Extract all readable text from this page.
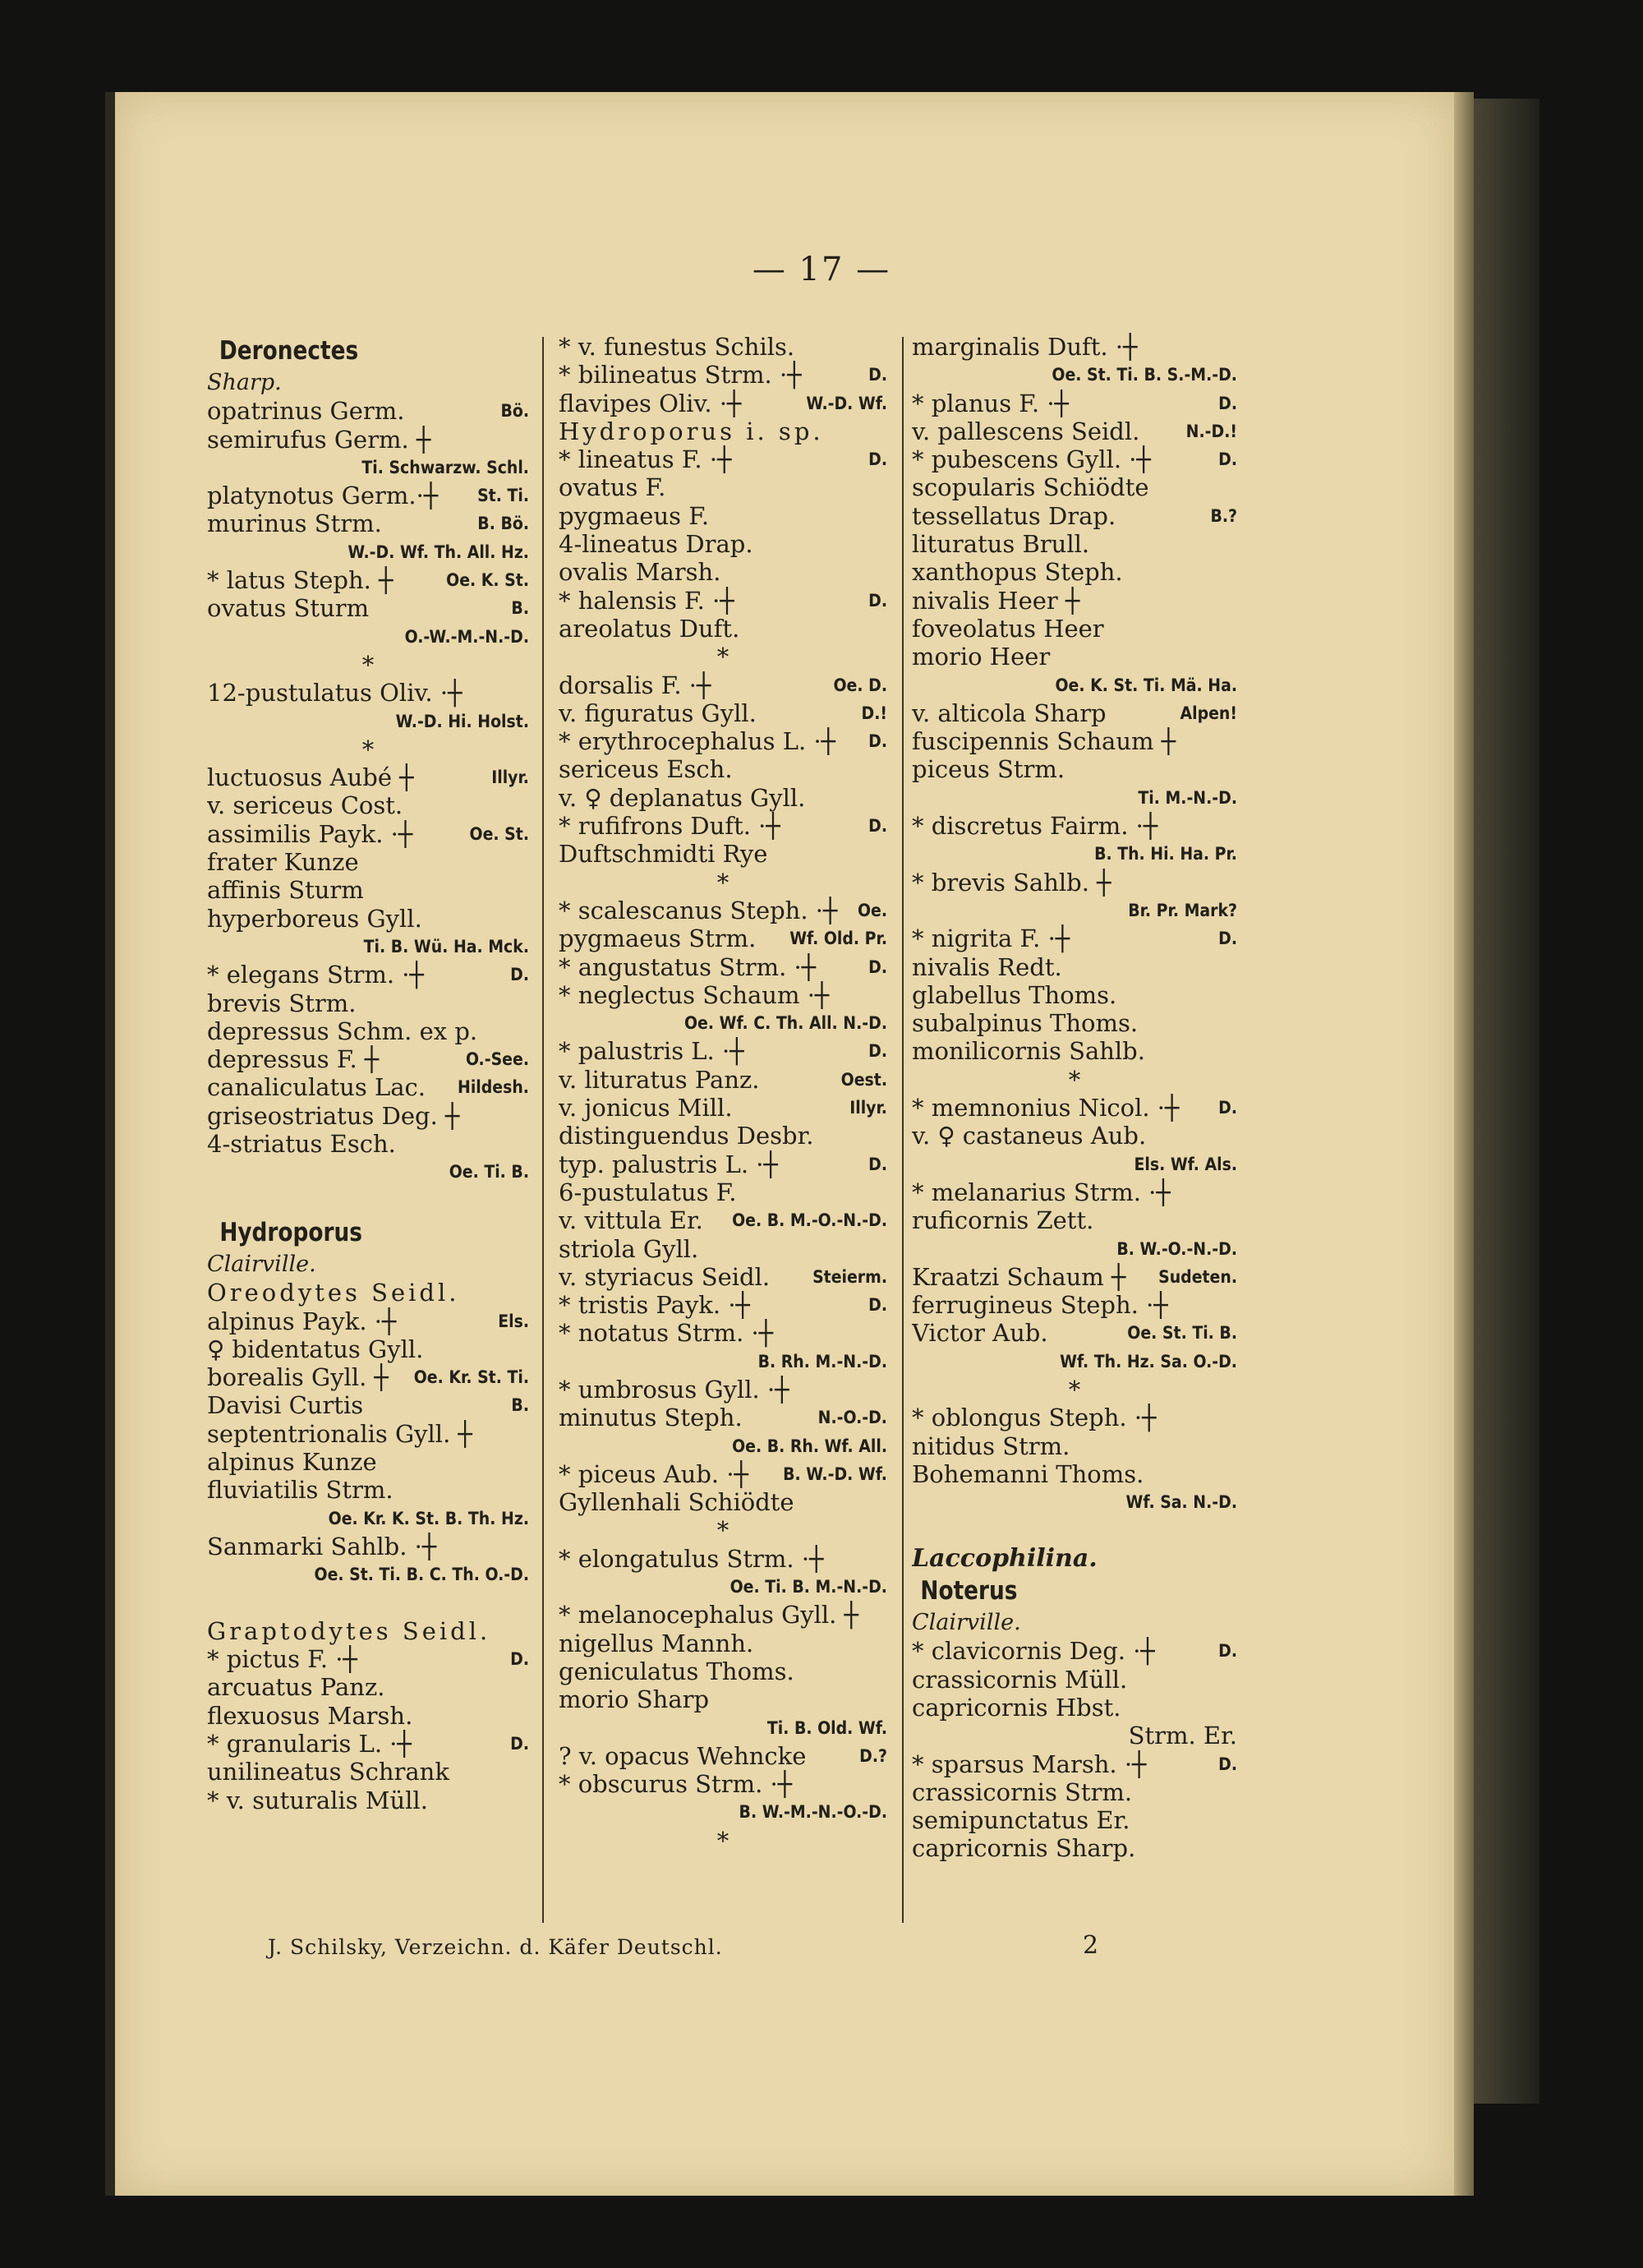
— 17 —
Deronectes
Sharp.
opatrinus Germ.	Bö.
semirufus Germ. ┼
Ti. Schwarzw. Schl.
platynotus Germ.·┼ St. Ti.
murinus Strm.	B. Bö.
W.-D. Wf. Th. All. Hz.
* latus Steph. ┼	Oe. K. St.
ovatus Sturm	B.
O.-W.-M.-N.-D.
*
12-pustulatus Oliv. ·┼
W.-D. Hi. Holst.
*
luctuosus Aubé ┼	Illyr.
v. sericeus Cost.
assimilis Payk. ·┼	Oe. St.
frater Kunze
affinis Sturm
hyperboreus Gyll.
Ti. B. Wü. Ha. Mck.
* elegans Strm. ·┼	D.
brevis Strm.
depressus Schm. ex p.
depressus F. ┼	O.-See.
canaliculatus Lac. Hildesh.
griseostriatus Deg. ┼
4-striatus Esch.
Oe. Ti. B.
Hydroporus
Clairville.
Oreodytes Seidl.
alpinus Payk. ·┼	Els.
♀ bidentatus Gyll.
borealis Gyll. ┼ Oe. Kr. St. Ti.
Davisi Curtis	B.
septentrionalis Gyll. ┼
alpinus Kunze
fluviatilis Strm.
Oe. Kr. K. St. B. Th. Hz.
Sanmarki Sahlb. ·┼
Oe. St. Ti. B. C. Th. O.-D.
Graptodytes Seidl.
* pictus F. ·┼	D.
arcuatus Panz.
flexuosus Marsh.
* granularis L. ·┼	D.
unilineatus Schrank
* v. suturalis Müll.
* v. funestus Schils.
* bilineatus Strm. ·┼	D.
flavipes Oliv. ·┼	W.-D. Wf.
Hydroporus i. sp.
* lineatus F. ·┼	D.
ovatus F.
pygmaeus F.
4-lineatus Drap.
ovalis Marsh.
* halensis F. ·┼	D.
areolatus Duft.
*
dorsalis F. ·┼	Oe. D.
v. figuratus Gyll.	D.!
* erythrocephalus L. ·┼ D.
sericeus Esch.
v. ♀ deplanatus Gyll.
* rufifrons Duft. ·┼	D.
Duftschmidti Rye
*
* scalescanus Steph. ·┼ Oe.
pygmaeus Strm. Wf. Old. Pr.
* angustatus Strm. ·┼	D.
* neglectus Schaum ·┼
Oe. Wf. C. Th. All. N.-D.
* palustris L. ·┼	D.
v. lituratus Panz.	Oest.
v. jonicus Mill.	Illyr.
distinguendus Desbr.
typ. palustris L. ·┼	D.
6-pustulatus F.
v. vittula Er. Oe. B. M.-O.-N.-D.
striola Gyll.
v. styriacus Seidl. Steierm.
* tristis Payk. ·┼	D.
* notatus Strm. ·┼
B. Rh. M.-N.-D.
* umbrosus Gyll. ·┼
minutus Steph.	N.-O.-D.
Oe. B. Rh. Wf. All.
* piceus Aub. ·┼ B. W.-D. Wf.
Gyllenhali Schiödte
*
* elongatulus Strm. ·┼
Oe. Ti. B. M.-N.-D.
* melanocephalus Gyll. ┼
nigellus Mannh.
geniculatus Thoms.
morio Sharp
Ti. B. Old. Wf.
? v. opacus Wehncke	D.?
* obscurus Strm. ·┼
B. W.-M.-N.-O.-D.
*
marginalis Duft. ·┼
Oe. St. Ti. B. S.-M.-D.
* planus F. ·┼	D.
v. pallescens Seidl.	N.-D.!
* pubescens Gyll. ·┼	D.
scopularis Schiödte
tessellatus Drap.	B.?
lituratus Brull.
xanthopus Steph.
nivalis Heer ┼
foveolatus Heer
morio Heer
Oe. K. St. Ti. Mä. Ha.
v. alticola Sharp	Alpen!
fuscipennis Schaum ┼
piceus Strm.
Ti. M.-N.-D.
* discretus Fairm. ·┼
B. Th. Hi. Ha. Pr.
* brevis Sahlb. ┼
Br. Pr. Mark?
* nigrita F. ·┼	D.
nivalis Redt.
glabellus Thoms.
subalpinus Thoms.
monilicornis Sahlb.
*
* memnonius Nicol. ·┼ D.
v. ♀ castaneus Aub.
Els. Wf. Als.
* melanarius Strm. ·┼
ruficornis Zett.
B. W.-O.-N.-D.
Kraatzi Schaum ┼ Sudeten.
ferrugineus Steph. ·┼
Victor Aub.	Oe. St. Ti. B.
Wf. Th. Hz. Sa. O.-D.
*
* oblongus Steph. ·┼
nitidus Strm.
Bohemanni Thoms.
Wf. Sa. N.-D.
Laccophilina.
Noterus
Clairville.
* clavicornis Deg. ·┼	D.
crassicornis Müll.
capricornis Hbst.
Strm. Er.
* sparsus Marsh. ·┼	D.
crassicornis Strm.
semipunctatus Er.
capricornis Sharp.
J. Schilsky, Verzeichn. d. Käfer Deutschl.	2
